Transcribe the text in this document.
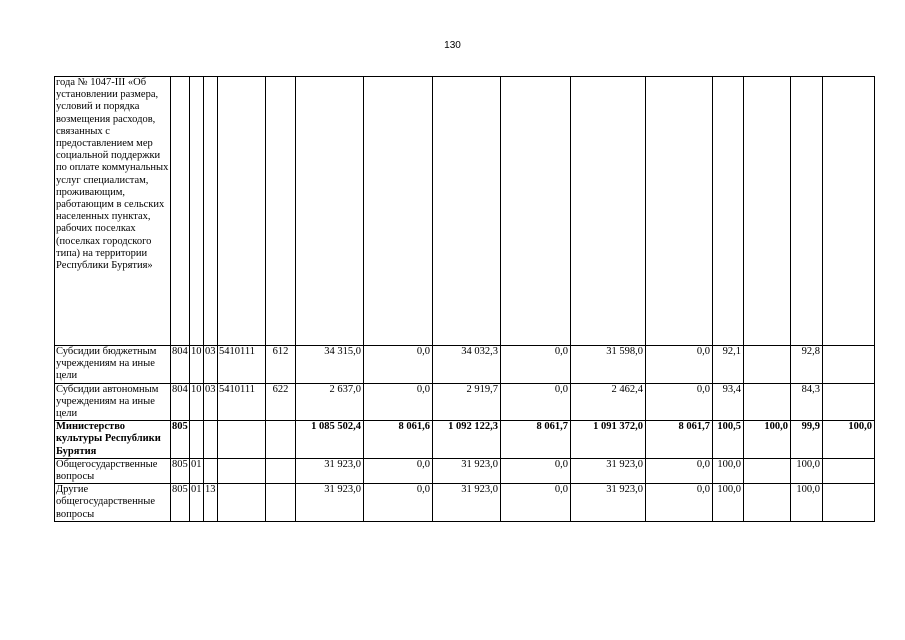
130
года № 1047-III «Об установлении размера, условий и порядка возмещения расходов, связанных с предоставлением мер социальной поддержки по оплате коммунальных услуг специалистам, проживающим, работающим в сельских населенных пунктах, рабочих поселках (поселках городского типа) на территории Республики Бурятия»															
Субсидии бюджетным учреждениям на иные цели	804	10	03	5410111	612	34 315,0	0,0	34 032,3	0,0	31 598,0	0,0	92,1		92,8	
Субсидии автономным учреждениям на иные цели	804	10	03	5410111	622	2 637,0	0,0	2 919,7	0,0	2 462,4	0,0	93,4		84,3	
Министерство культуры Республики Бурятия	805					1 085 502,4	8 061,6	1 092 122,3	8 061,7	1 091 372,0	8 061,7	100,5	100,0	99,9	100,0
Общегосударственные вопросы	805	01				31 923,0	0,0	31 923,0	0,0	31 923,0	0,0	100,0		100,0	
Другие общегосударственные вопросы	805	01	13			31 923,0	0,0	31 923,0	0,0	31 923,0	0,0	100,0		100,0	
